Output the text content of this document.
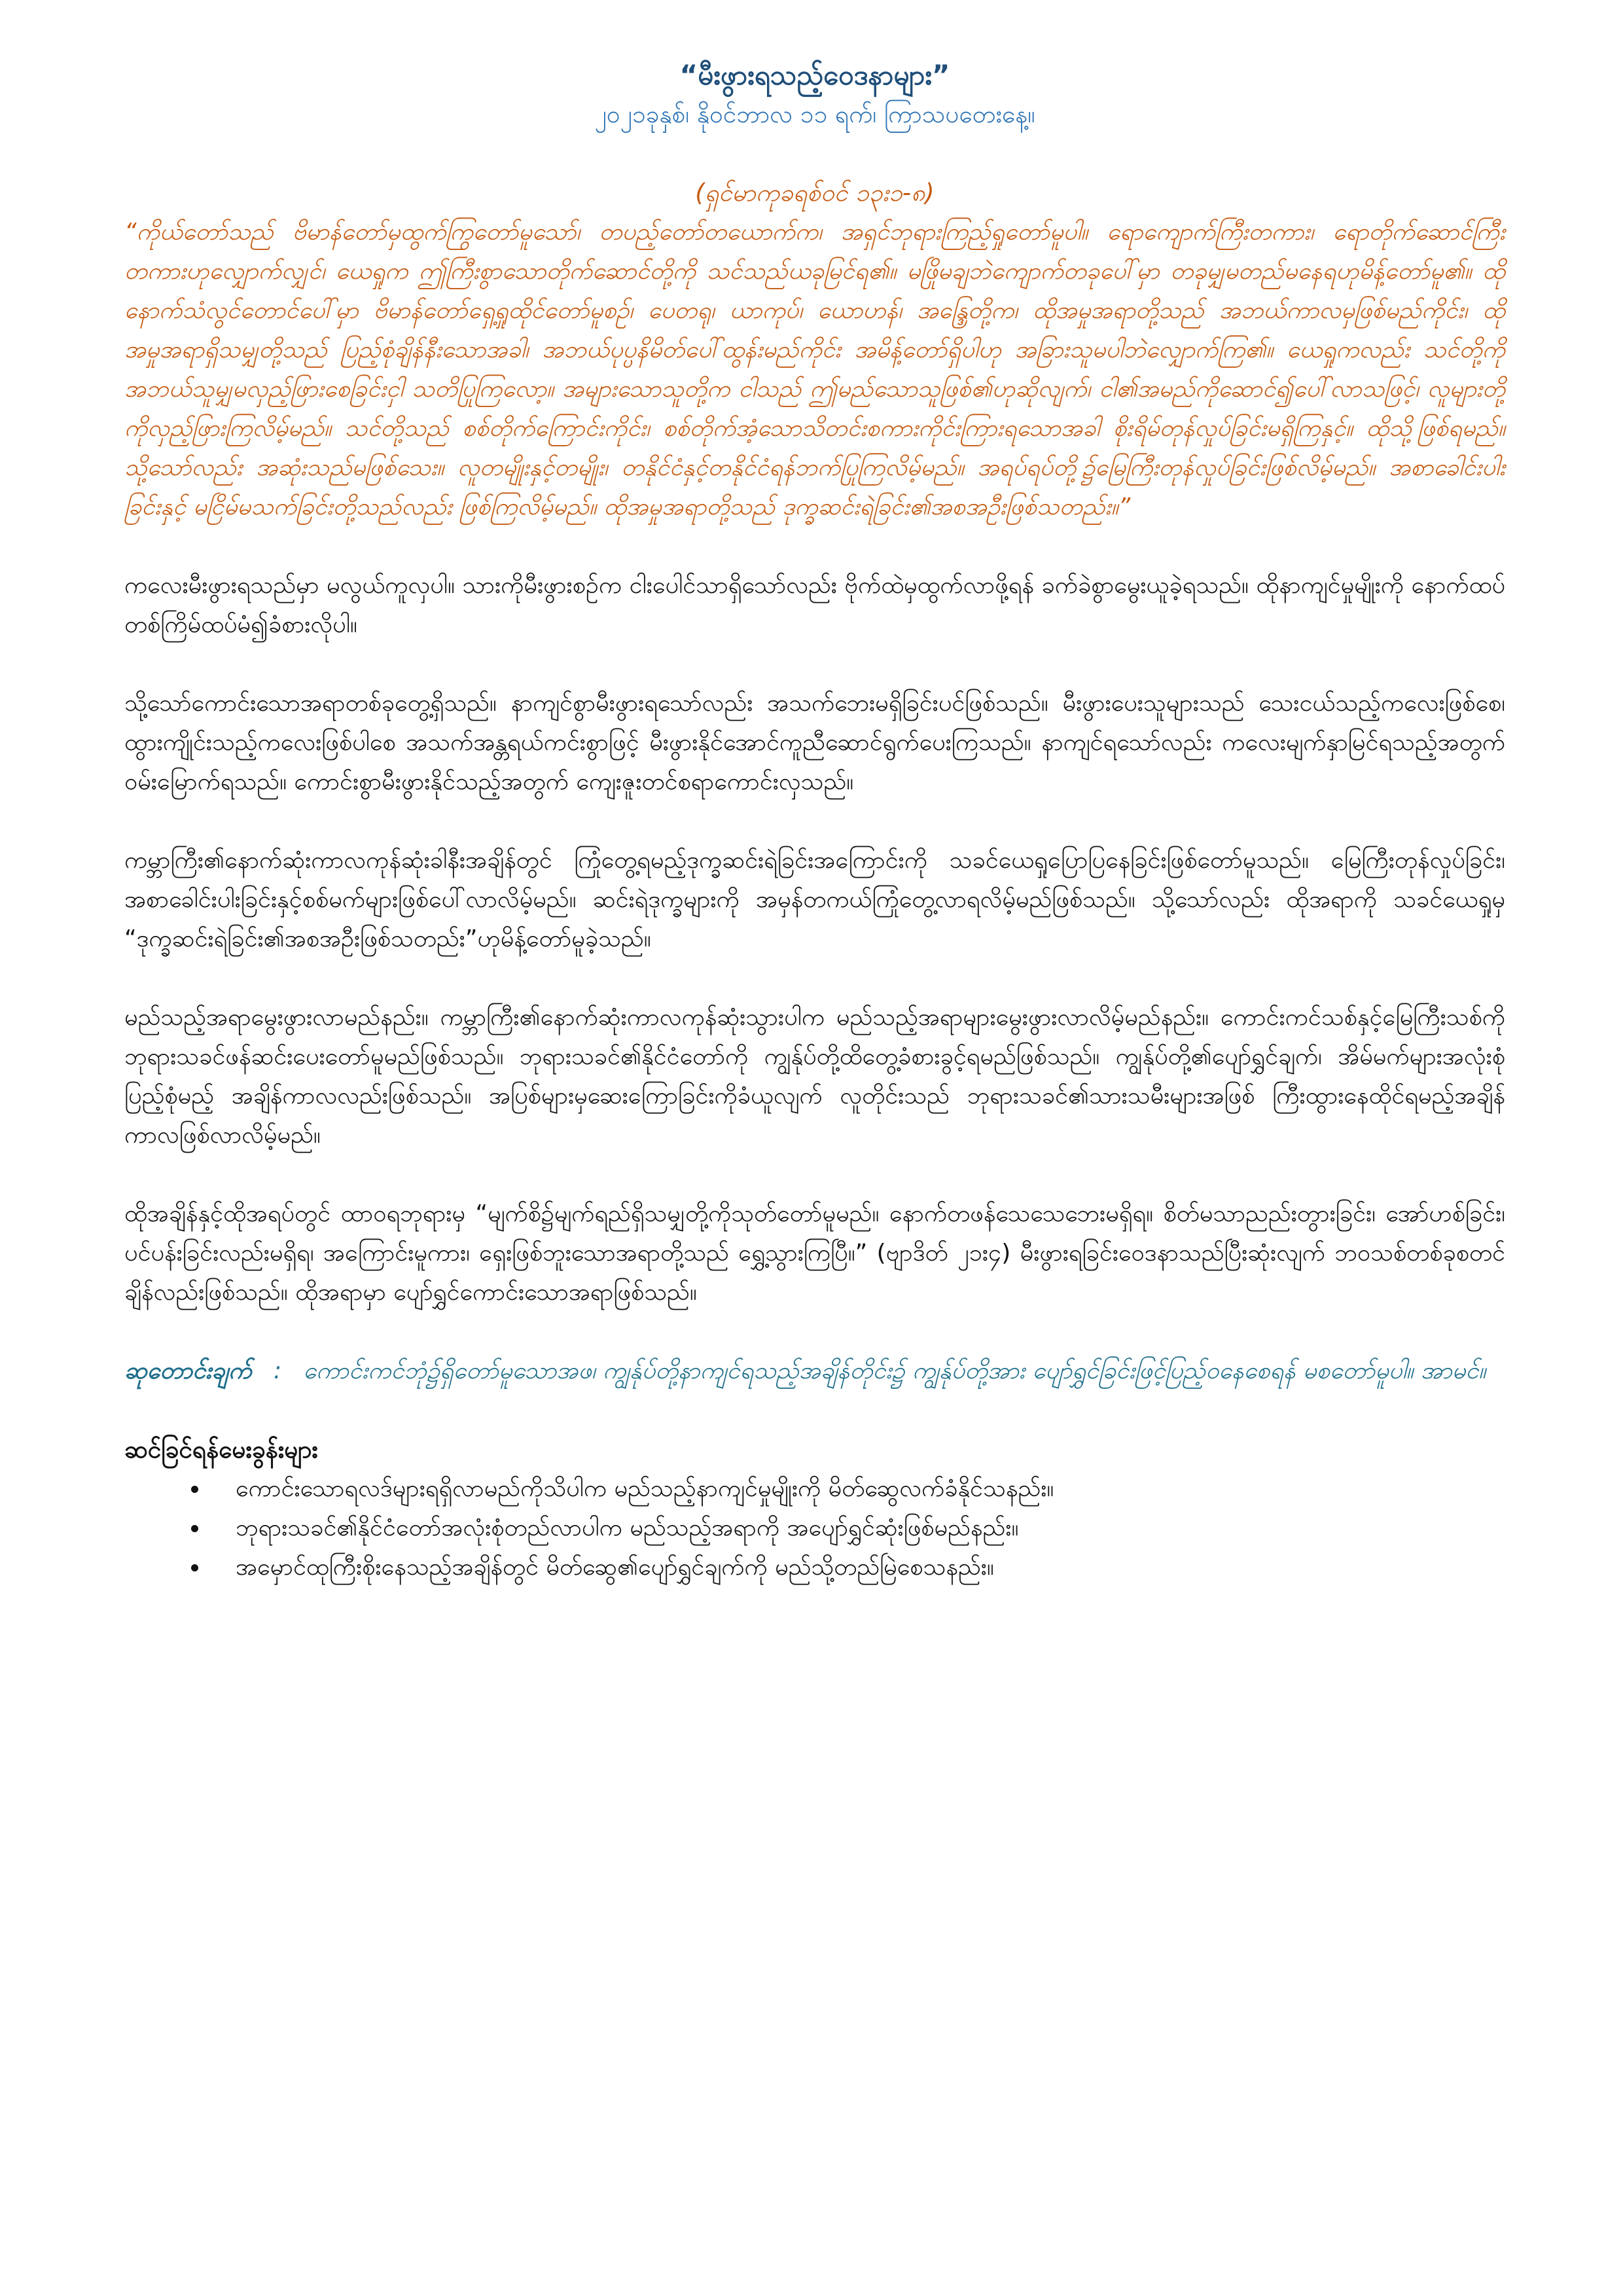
“မီးဖွားရသည့်ဝေဒနာများ”

၂၀၂၁ခုနှစ်၊ နိုဝင်ဘာလ ၁၁ ရက်၊ ကြာသပတေးနေ့။

(ရှင်မာကုခရစ်ဝင် ၁၃း၁-၈)

“ကိုယ်တော်သည် ဗိမာန်တော်မှထွက်ကြွတော်မူသော်၊ တပည့်တော်တယောက်က၊ အရှင်ဘုရားကြည့်ရှုတော်မူပါ။ ရောကျောက်ကြီးတကား၊ ရောတိုက်ဆောင်ကြီးတကားဟုလျှောက်လျှင်၊ ယေရှုက ဤကြီးစွာသောတိုက်ဆောင်တို့ကို သင်သည်ယခုမြင်ရ၏။ မဖြိုမချဘဲကျောက်တခုပေါ်မှာ တခုမျှမတည်မနေရဟုမိန့်တော်မူ၏။ ထို နောက်သံလွင်တောင်ပေါ်မှာ ဗိမာန်တော်ရှေ့ရှုထိုင်တော်မူစဉ်၊ ပေတရု၊ ယာကုပ်၊ ယောဟန်၊ အန္ဒြေတို့က၊ ထိုအမှုအရာတို့သည် အဘယ်ကာလမှဖြစ်မည်ကိုင်း၊ ထိုအမှုအရာရှိသမျှတို့သည် ပြည့်စုံချိန်နီးသောအခါ၊ အဘယ်ပုပ္ပနိမိတ်ပေါ်ထွန်းမည်ကိုင်း အမိန့်တော်ရှိပါဟု အခြားသူမပါဘဲလျှောက်ကြ၏။ ယေရှုကလည်း သင်တို့ကို အဘယ်သူမျှမလှည့်ဖြားစေခြင်းငှါ သတိပြုကြလော့။ အများသောသူတို့က ငါသည် ဤမည်သောသူဖြစ်၏ဟုဆိုလျက်၊ ငါ၏အမည်ကိုဆောင်၍ပေါ်လာသဖြင့်၊ လူများတို့ကိုလှည့်ဖြားကြလိမ့်မည်။ သင်တို့သည် စစ်တိုက်ကြောင်းကိုင်း၊ စစ်တိုက်အံ့သောသိတင်းစကားကိုင်းကြားရသောအခါ စိုးရိမ်တုန်လှုပ်ခြင်းမရှိကြနှင့်။ ထိုသို့ဖြစ်ရမည်။ သို့သော်လည်း အဆုံးသည်မဖြစ်သေး။ လူတမျိုးနှင့်တမျိုး၊ တနိုင်ငံနှင့်တနိုင်ငံရန်ဘက်ပြုကြလိမ့်မည်။ အရပ်ရပ်တို့၌မြေကြီးတုန်လှုပ်ခြင်းဖြစ်လိမ့်မည်။ အစာခေါင်းပါးခြင်းနှင့် မငြိမ်မသက်ခြင်းတို့သည်လည်း ဖြစ်ကြလိမ့်မည်။ ထိုအမှုအရာတို့သည် ဒုက္ခဆင်းရဲခြင်း၏အစအဦးဖြစ်သတည်း။”

ကလေးမီးဖွားရသည်မှာ မလွယ်ကူလှပါ။ သားကိုမီးဖွားစဉ်က ငါးပေါင်သာရှိသော်လည်း ဗိုက်ထဲမှထွက်လာဖို့ရန် ခက်ခဲစွာမွေးယူခဲ့ရသည်။ ထိုနာကျင်မှုမျိုးကို နောက်ထပ်တစ်ကြိမ်ထပ်မံ၍ခံစားလိုပါ။

သို့သော်ကောင်းသောအရာတစ်ခုတွေ့ရှိသည်။ နာကျင်စွာမီးဖွားရသော်လည်း အသက်ဘေးမရှိခြင်းပင်ဖြစ်သည်။ မီးဖွားပေးသူများသည် သေးငယ်သည့်ကလေးဖြစ်စေ၊ ထွားကျိုင်းသည့်ကလေးဖြစ်ပါစေ အသက်အန္တရယ်ကင်းစွာဖြင့် မီးဖွားနိုင်အောင်ကူညီဆောင်ရွက်ပေးကြသည်။ နာကျင်ရသော်လည်း ကလေးမျက်နှာမြင်ရသည့်အတွက် ဝမ်းမြောက်ရသည်။ ကောင်းစွာမီးဖွားနိုင်သည့်အတွက် ကျေးဇူးတင်စရာကောင်းလှသည်။

ကမ္ဘာကြီး၏နောက်ဆုံးကာလကုန်ဆုံးခါနီးအချိန်တွင် ကြုံတွေ့ရမည့်ဒုက္ခဆင်းရဲခြင်းအကြောင်းကို သခင်ယေရှုပြောပြနေခြင်းဖြစ်တော်မူသည်။ မြေကြီးတုန်လှုပ်ခြင်း၊ အစာခေါင်းပါးခြင်းနှင့်စစ်မက်များဖြစ်ပေါ်လာလိမ့်မည်။ ဆင်းရဲဒုက္ခများကို အမှန်တကယ်ကြုံတွေ့လာရလိမ့်မည်ဖြစ်သည်။ သို့သော်လည်း ထိုအရာကို သခင်ယေရှုမှ “ဒုက္ခဆင်းရဲခြင်း၏အစအဦးဖြစ်သတည်း”ဟုမိန့်တော်မူခဲ့သည်။

မည်သည့်အရာမွေးဖွားလာမည်နည်း။ ကမ္ဘာကြီး၏နောက်ဆုံးကာလကုန်ဆုံးသွားပါက မည်သည့်အရာများမွေးဖွားလာလိမ့်မည်နည်း။ ကောင်းကင်သစ်နှင့်မြေကြီးသစ်ကို ဘုရားသခင်ဖန်ဆင်းပေးတော်မူမည်ဖြစ်သည်။ ဘုရားသခင်၏နိုင်ငံတော်ကို ကျွန်ုပ်တို့ထိတွေ့ခံစားခွင့်ရမည်ဖြစ်သည်။ ကျွန်ုပ်တို့၏ပျော်ရွှင်ချက်၊ အိမ်မက်များအလုံးစုံပြည့်စုံမည့် အချိန်ကာလလည်းဖြစ်သည်။ အပြစ်များမှဆေးကြောခြင်းကိုခံယူလျက် လူတိုင်းသည် ဘုရားသခင်၏သားသမီးများအဖြစ် ကြီးထွားနေထိုင်ရမည့်အချိန်ကာလဖြစ်လာလိမ့်မည်။

ထိုအချိန်နှင့်ထိုအရပ်တွင် ထာဝရဘုရားမှ “မျက်စိ၌မျက်ရည်ရှိသမျှတို့ကိုသုတ်တော်မူမည်။ နောက်တဖန်သေသေဘေးမရှိရ။ စိတ်မသာညည်းတွားခြင်း၊ အော်ဟစ်ခြင်း၊ ပင်ပန်းခြင်းလည်းမရှိရ၊ အကြောင်းမူကား၊ ရှေးဖြစ်ဘူးသောအရာတို့သည် ရွှေ့သွားကြပြီ။” (ဗျာဒိတ် ၂၁း၄) မီးဖွားရခြင်းဝေဒနာသည်ပြီးဆုံးလျက် ဘဝသစ်တစ်ခုစတင်ချိန်လည်းဖြစ်သည်။ ထိုအရာမှာ ပျော်ရွှင်ကောင်းသောအရာဖြစ်သည်။

ဆုတောင်းချက် : ကောင်းကင်ဘုံ၌ရှိတော်မူသောအဖ၊ ကျွန်ုပ်တို့နာကျင်ရသည့်အချိန်တိုင်း၌ ကျွန်ုပ်တို့အား ပျော်ရွှင်ခြင်းဖြင့်ပြည့်ဝနေစေရန် မစတော်မူပါ။ အာမင်။

ဆင်ခြင်ရန်မေးခွန်းများ

• ကောင်းသောရလဒ်များရရှိလာမည်ကိုသိပါက မည်သည့်နာကျင်မှုမျိုးကို မိတ်ဆွေလက်ခံနိုင်သနည်း။
• ဘုရားသခင်၏နိုင်ငံတော်အလုံးစုံတည်လာပါက မည်သည့်အရာကို အပျော်ရွှင်ဆုံးဖြစ်မည်နည်း။
• အမှောင်ထုကြီးစိုးနေသည့်အချိန်တွင် မိတ်ဆွေ၏ပျော်ရွှင်ချက်ကို မည်သို့တည်မြဲစေသနည်း။
